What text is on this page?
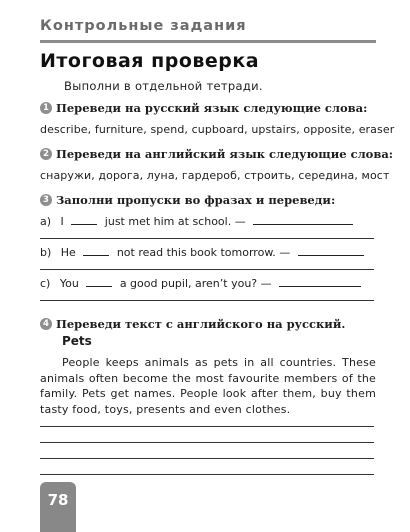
Контрольные задания
Итоговая проверка
Выполни в отдельной тетради.
1 Переведи на русский язык следующие слова:
describe, furniture, spend, cupboard, upstairs, opposite, eraser
2 Переведи на английский язык следующие слова:
снаружи, дорога, луна, гардероб, строить, середина, мост
3 Заполни пропуски во фразах и переведи:
a) I	just met him at school. —
b) He	not read this book tomorrow. —
c) You	a good pupil, aren’t you? —
4 Переведи текст с английского на русский.
Pets
People keeps animals as pets in all countries. These animals often become the most favourite members of the family. Pets get names. People look after them, buy them tasty food, toys, presents and even clothes.
78
